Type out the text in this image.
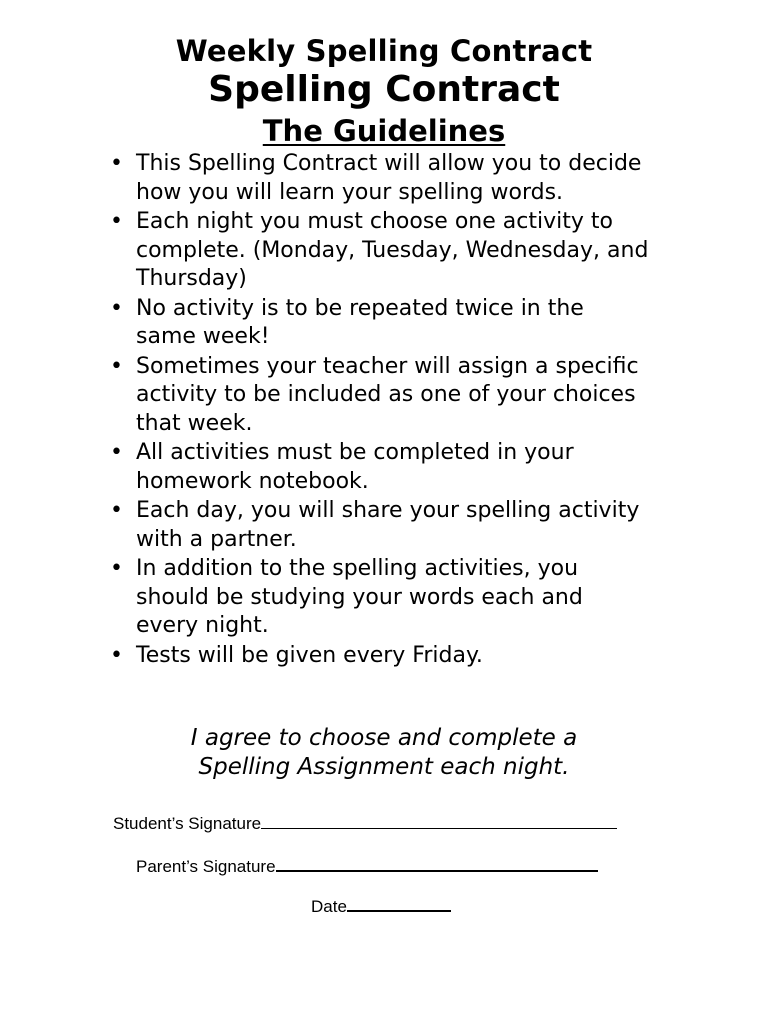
Weekly Spelling Contract
Spelling Contract
The Guidelines
• This Spelling Contract will allow you to decide how you will learn your spelling words.
• Each night you must choose one activity to complete. (Monday, Tuesday, Wednesday, and Thursday)
• No activity is to be repeated twice in the same week!
• Sometimes your teacher will assign a specific activity to be included as one of your choices that week.
• All activities must be completed in your homework notebook.
• Each day, you will share your spelling activity with a partner.
• In addition to the spelling activities, you should be studying your words each and every night.
• Tests will be given every Friday.
I agree to choose and complete a
Spelling Assignment each night.
Student’s Signature
Parent’s Signature
Date
